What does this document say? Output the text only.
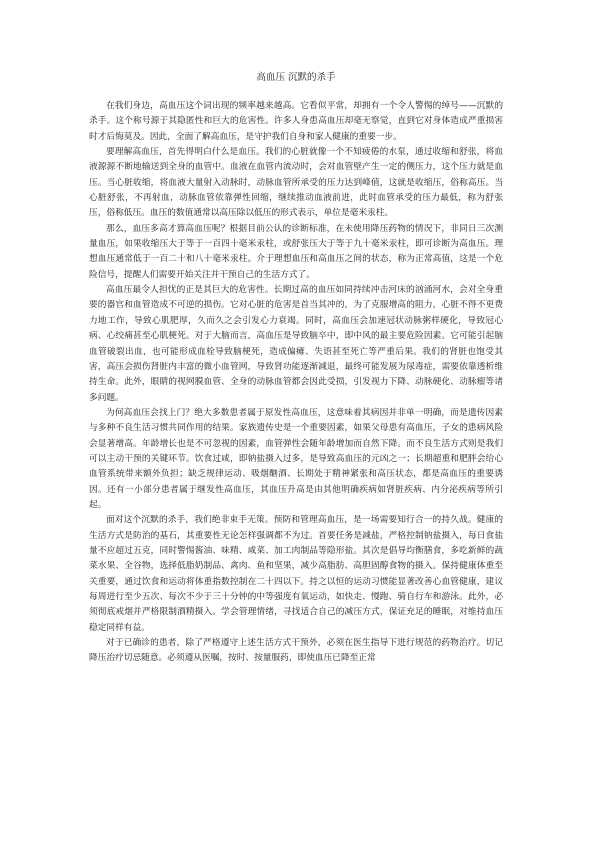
高血压 沉默的杀手

在我们身边，高血压这个词出现的频率越来越高。它看似平常，却拥有一个令人警惕的绰号——沉默的杀手。这个称号源于其隐匿性和巨大的危害性。许多人身患高血压却毫无察觉，直到它对身体造成严重损害时才后悔莫及。因此，全面了解高血压，是守护我们自身和家人健康的重要一步。

要理解高血压，首先得明白什么是血压。我们的心脏就像一个不知疲倦的水泵，通过收缩和舒张，将血液源源不断地输送到全身的血管中。血液在血管内流动时，会对血管壁产生一定的侧压力，这个压力就是血压。当心脏收缩，将血液大量射入动脉时，动脉血管所承受的压力达到峰值，这就是收缩压，俗称高压。当心脏舒张，不再射血，动脉血管依靠弹性回缩，继续推动血液前进，此时血管承受的压力最低，称为舒张压，俗称低压。血压的数值通常以高压除以低压的形式表示，单位是毫米汞柱。

那么，血压多高才算高血压呢？根据目前公认的诊断标准，在未使用降压药物的情况下，非同日三次测量血压，如果收缩压大于等于一百四十毫米汞柱，或舒张压大于等于九十毫米汞柱，即可诊断为高血压。理想血压通常低于一百二十和八十毫米汞柱。介于理想血压和高血压之间的状态，称为正常高值，这是一个危险信号，提醒人们需要开始关注并干预自己的生活方式了。

高血压最令人担忧的正是其巨大的危害性。长期过高的血压如同持续冲击河床的汹涌河水，会对全身重要的器官和血管造成不可逆的损伤。它对心脏的危害是首当其冲的，为了克服增高的阻力，心脏不得不更费力地工作，导致心肌肥厚，久而久之会引发心力衰竭。同时，高血压会加速冠状动脉粥样硬化，导致冠心病、心绞痛甚至心肌梗死。对于大脑而言，高血压是导致脑卒中，即中风的最主要危险因素。它可能引起脑血管破裂出血，也可能形成血栓导致脑梗死，造成偏瘫、失语甚至死亡等严重后果。我们的肾脏也饱受其害，高压会损伤肾脏内丰富的微小血管网，导致肾功能逐渐减退，最终可能发展为尿毒症，需要依靠透析维持生命。此外，眼睛的视网膜血管、全身的动脉血管都会因此受损，引发视力下降、动脉硬化、动脉瘤等诸多问题。

为何高血压会找上门？绝大多数患者属于原发性高血压，这意味着其病因并非单一明确，而是遗传因素与多种不良生活习惯共同作用的结果。家族遗传史是一个重要因素，如果父母患有高血压，子女的患病风险会显著增高。年龄增长也是不可忽视的因素，血管弹性会随年龄增加而自然下降。而不良生活方式则是我们可以主动干预的关键环节。饮食过咸，即钠盐摄入过多，是导致高血压的元凶之一；长期超重和肥胖会给心血管系统带来额外负担；缺乏规律运动、吸烟酗酒、长期处于精神紧张和高压状态，都是高血压的重要诱因。还有一小部分患者属于继发性高血压，其血压升高是由其他明确疾病如肾脏疾病、内分泌疾病等所引起。

面对这个沉默的杀手，我们绝非束手无策。预防和管理高血压，是一场需要知行合一的持久战。健康的生活方式是防治的基石，其重要性无论怎样强调都不为过。首要任务是减盐，严格控制钠盐摄入，每日食盐量不应超过五克，同时警惕酱油、味精、咸菜、加工肉制品等隐形盐。其次是倡导均衡膳食，多吃新鲜的蔬菜水果、全谷物，选择低脂奶制品、禽肉、鱼和坚果，减少高脂肪、高胆固醇食物的摄入。保持健康体重至关重要，通过饮食和运动将体重指数控制在二十四以下。持之以恒的运动习惯能显著改善心血管健康，建议每周进行至少五次、每次不少于三十分钟的中等强度有氧运动，如快走、慢跑、骑自行车和游泳。此外，必须彻底戒烟并严格限制酒精摄入。学会管理情绪，寻找适合自己的减压方式，保证充足的睡眠，对维持血压稳定同样有益。

对于已确诊的患者，除了严格遵守上述生活方式干预外，必须在医生指导下进行规范的药物治疗。切记降压治疗切忌随意。必须遵从医嘱，按时、按量服药，即使血压已降至正常
